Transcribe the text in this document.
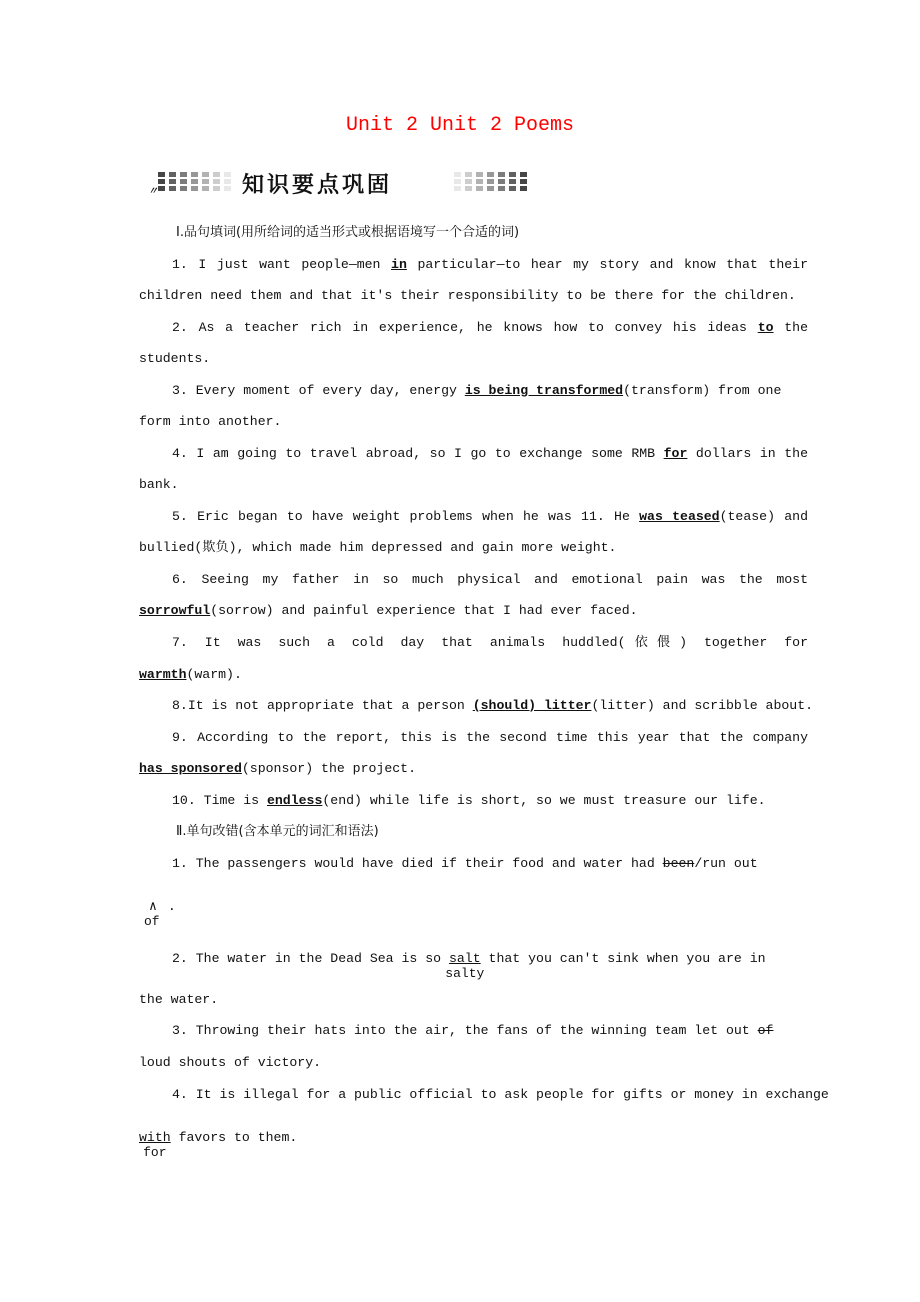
Unit 2 Unit 2 Poems
〃	知识要点巩固
Ⅰ.品句填词(用所给词的适当形式或根据语境写一个合适的词)
1. I just want people—men in particular—to hear my story and know that their
children need them and that it's their responsibility to be there for the children.
2. As a teacher rich in experience, he knows how to convey his ideas to the
students.
3. Every moment of every day, energy is being transformed(transform) from one
form into another.
4. I am going to travel abroad, so I go to exchange some RMB for dollars in the
bank.
5. Eric began to have weight problems when he was 11. He was teased(tease) and
bullied(欺负), which made him depressed and gain more weight.
6. Seeing my father in so much physical and emotional pain was the most
sorrowful(sorrow) and painful experience that I had ever faced.
7. It was such a cold day that animals huddled(依偎) together for
warmth(warm).
8.It is not appropriate that a person (should) litter(litter) and scribble about.
9. According to the report, this is the second time this year that the company
has sponsored(sponsor) the project.
10. Time is endless(end) while life is short, so we must treasure our life.
Ⅱ.单句改错(含本单元的词汇和语法)
1. The passengers would have died if their food and water had been/run out
∧
of
.
2. The water in the Dead Sea is so salt
salty
that you can't sink when you are in
the water.
3. Throwing their hats into the air, the fans of the winning team let out of
loud shouts of victory.
4. It is illegal for a public official to ask people for gifts or money in exchange
with
for
favors to them.
